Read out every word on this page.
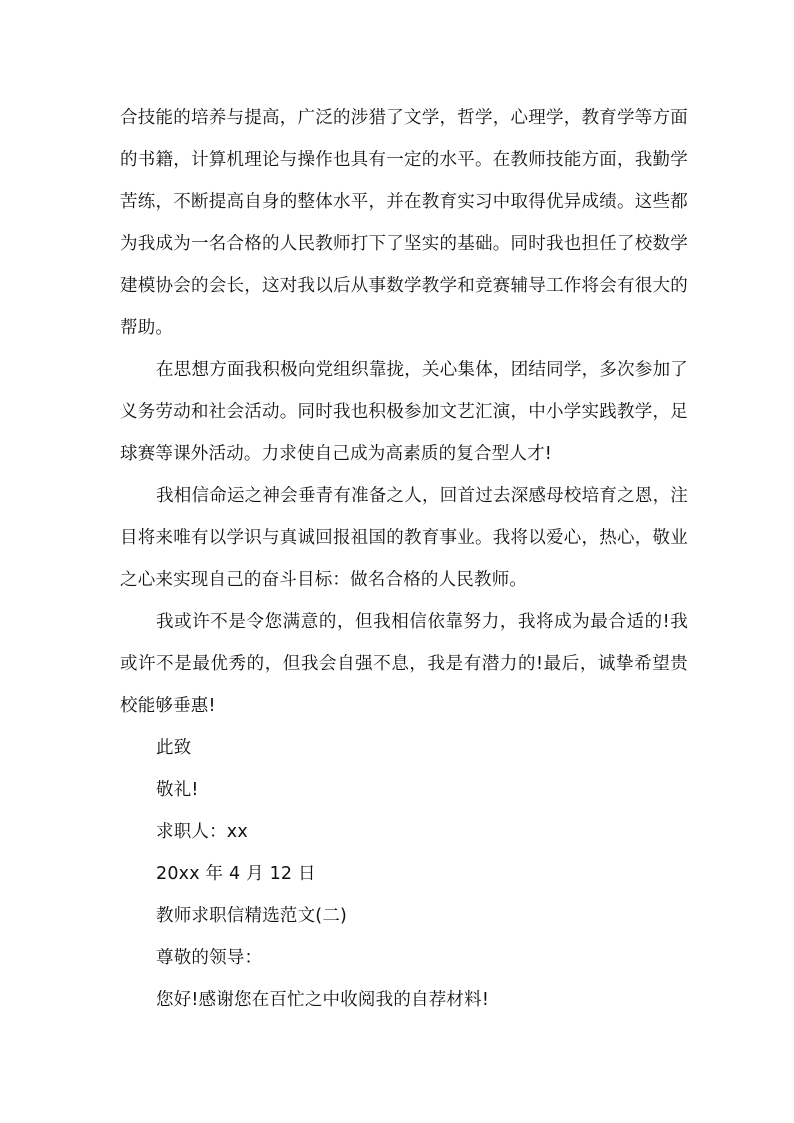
合技能的培养与提高，广泛的涉猎了文学，哲学，心理学，教育学等方面的书籍，计算机理论与操作也具有一定的水平。在教师技能方面，我勤学苦练，不断提高自身的整体水平，并在教育实习中取得优异成绩。这些都为我成为一名合格的人民教师打下了坚实的基础。同时我也担任了校数学建模协会的会长，这对我以后从事数学教学和竞赛辅导工作将会有很大的帮助。

在思想方面我积极向党组织靠拢，关心集体，团结同学，多次参加了义务劳动和社会活动。同时我也积极参加文艺汇演，中小学实践教学，足球赛等课外活动。力求使自己成为高素质的复合型人才!

我相信命运之神会垂青有准备之人，回首过去深感母校培育之恩，注目将来唯有以学识与真诚回报祖国的教育事业。我将以爱心，热心，敬业之心来实现自己的奋斗目标：做名合格的人民教师。

我或许不是令您满意的，但我相信依靠努力，我将成为最合适的!我或许不是最优秀的，但我会自强不息，我是有潜力的!最后，诚挚希望贵校能够垂惠!

此致

敬礼!

求职人：xx

20xx 年 4 月 12 日

教师求职信精选范文(二)

尊敬的领导：

您好!感谢您在百忙之中收阅我的自荐材料!
